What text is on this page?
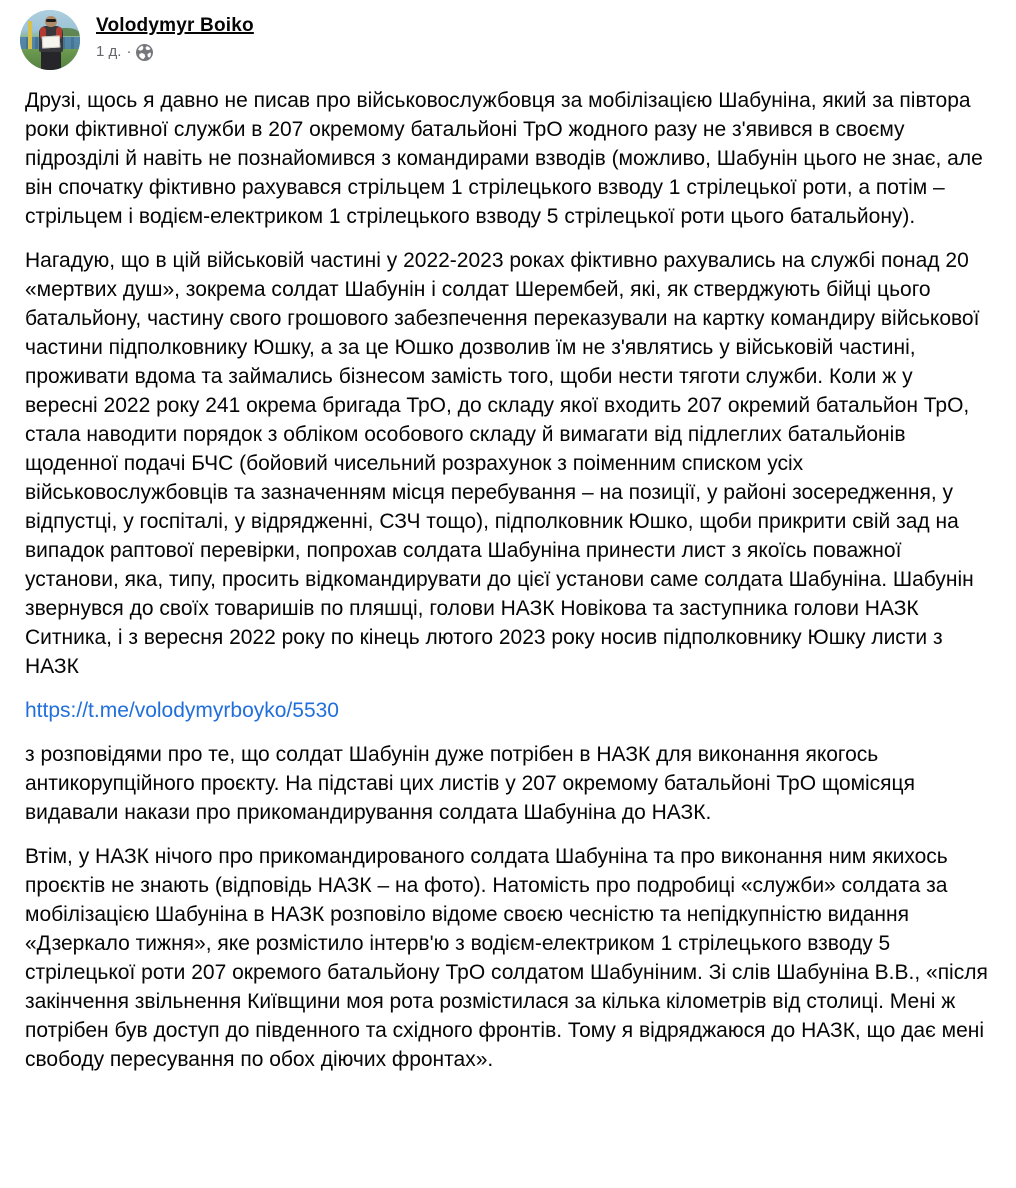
Volodymyr Boiko
1 д. ·

Друзі, щось я давно не писав про військовослужбовця за мобілізацією Шабуніна, який за півтора роки фіктивної служби в 207 окремому батальйоні ТрО жодного разу не з'явився в своєму підрозділі й навіть не познайомився з командирами взводів (можливо, Шабунін цього не знає, але він спочатку фіктивно рахувався стрільцем 1 стрілецького взводу 1 стрілецької роти, а потім – стрільцем і водієм-електриком 1 стрілецького взводу 5 стрілецької роти цього батальйону).

Нагадую, що в цій військовій частині у 2022-2023 роках фіктивно рахувались на службі понад 20 «мертвих душ», зокрема солдат Шабунін і солдат Шерембей, які, як стверджують бійці цього батальйону, частину свого грошового забезпечення переказували на картку командиру військової частини підполковнику Юшку, а за це Юшко дозволив їм не з'являтись у військовій частині, проживати вдома та займались бізнесом замість того, щоби нести тяготи служби. Коли ж у вересні 2022 року 241 окрема бригада ТрО, до складу якої входить 207 окремий батальйон ТрО, стала наводити порядок з обліком особового складу й вимагати від підлеглих батальйонів щоденної подачі БЧС (бойовий чисельний розрахунок з поіменним списком усіх військовослужбовців та зазначенням місця перебування – на позиції, у районі зосередження, у відпустці, у госпіталі, у відрядженні, СЗЧ тощо), підполковник Юшко, щоби прикрити свій зад на випадок раптової перевірки, попрохав солдата Шабуніна принести лист з якоїсь поважної установи, яка, типу, просить відкомандирувати до цієї установи саме солдата Шабуніна. Шабунін звернувся до своїх товаришів по пляшці, голови НАЗК Новікова та заступника голови НАЗК Ситника, і з вересня 2022 року по кінець лютого 2023 року носив підполковнику Юшку листи з НАЗК

https://t.me/volodymyrboyko/5530

з розповідями про те, що солдат Шабунін дуже потрібен в НАЗК для виконання якогось антикорупційного проєкту. На підставі цих листів у 207 окремому батальйоні ТрО щомісяця видавали накази про прикомандирування солдата Шабуніна до НАЗК.

Втім, у НАЗК нічого про прикомандированого солдата Шабуніна та про виконання ним якихось проєктів не знають (відповідь НАЗК – на фото). Натомість про подробиці «служби» солдата за мобілізацією Шабуніна в НАЗК розповіло відоме своєю чесністю та непідкупністю видання «Дзеркало тижня», яке розмістило інтерв'ю з водієм-електриком 1 стрілецького взводу 5 стрілецької роти 207 окремого батальйону ТрО солдатом Шабуніним. Зі слів Шабуніна В.В., «після закінчення звільнення Київщини моя рота розмістилася за кілька кілометрів від столиці. Мені ж потрібен був доступ до південного та східного фронтів. Тому я відряджаюся до НАЗК, що дає мені свободу пересування по обох діючих фронтах».
